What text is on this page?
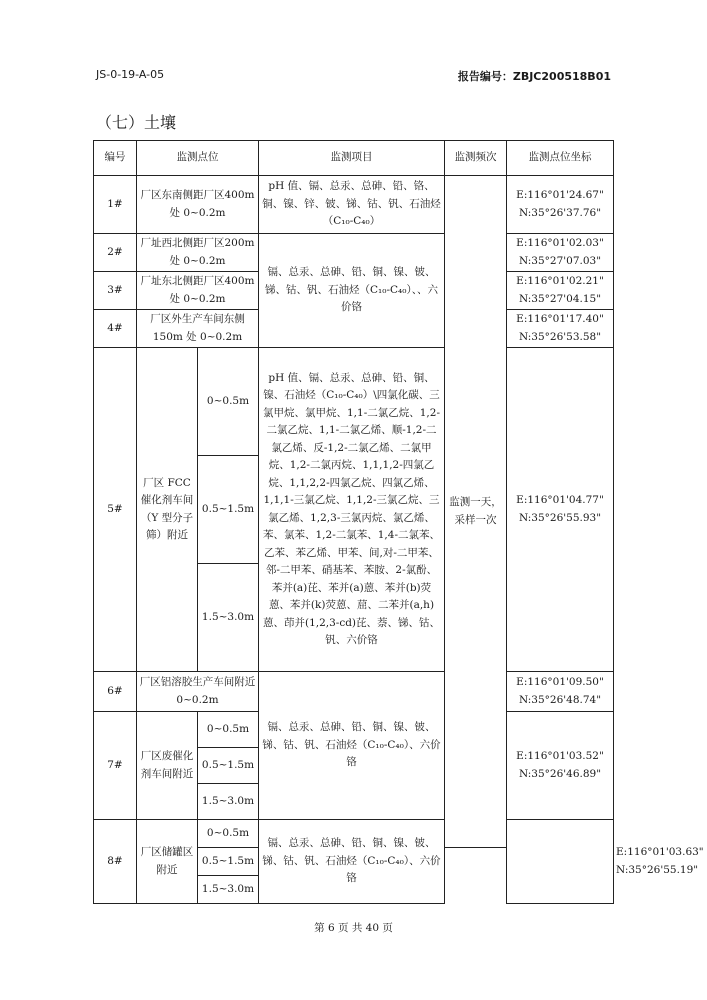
JS-0-19-A-05	报告编号：ZBJC200518B01
（七）土壤
编号	监测点位		监测项目	监测频次	监测点位坐标	
1#	厂区东南侧距厂区400m 处 0~0.2m		pH 值、镉、总汞、总砷、铅、铬、铜、镍、锌、铍、锑、钴、钒、石油烃（C₁₀-C₄₀）	监测一天，采样一次	E:116°01'24.67"
N:35°26'37.76"	
2#	厂址西北侧距厂区200m 处 0~0.2m		镉、总汞、总砷、铅、铜、镍、铍、锑、钴、钒、石油烃（C₁₀-C₄₀）、、六价铬		E:116°01'02.03"
N:35°27'07.03"	
3#	厂址东北侧距厂区400m 处 0~0.2m				E:116°01'02.21"
N:35°27'04.15"	
4#	厂区外生产车间东侧150m 处 0~0.2m				E:116°01'17.40"
N:35°26'53.58"	
5#	厂区 FCC 催化剂车间（Y 型分子筛）附近	0~0.5m	pH 值、镉、总汞、总砷、铅、铜、镍、石油烃（C₁₀-C₄₀）\四氯化碳、三氯甲烷、氯甲烷、1,1-二氯乙烷、1,2-二氯乙烷、1,1-二氯乙烯、顺-1,2-二氯乙烯、反-1,2-二氯乙烯、二氯甲烷、1,2-二氯丙烷、1,1,1,2-四氯乙烷、1,1,2,2-四氯乙烷、四氯乙烯、1,1,1-三氯乙烷、1,1,2-三氯乙烷、三氯乙烯、1,2,3-三氯丙烷、氯乙烯、苯、氯苯、1,2-二氯苯、1,4-二氯苯、乙苯、苯乙烯、甲苯、间,对-二甲苯、邻-二甲苯、硝基苯、苯胺、2-氯酚、苯并(a)芘、苯并(a)蒽、苯并(b)荧蒽、苯并(k)荧蒽、䓛、二苯并(a,h)蒽、茚并(1,2,3-cd)芘、萘、锑、钴、钒、六价铬		E:116°01'04.77"
N:35°26'55.93"	
		0.5~1.5m				
		1.5~3.0m				
6#	厂区铝溶胶生产车间附近 0~0.2m		镉、总汞、总砷、铅、铜、镍、铍、锑、钴、钒、石油烃（C₁₀-C₄₀）、六价铬		E:116°01'09.50"
N:35°26'48.74"	
7#	厂区废催化剂车间附近	0~0.5m			E:116°01'03.52"
N:35°26'46.89"	
		0.5~1.5m				
		1.5~3.0m				
8#	厂区储罐区附近	0~0.5m	镉、总汞、总砷、铅、铜、镍、铍、锑、钴、钒、石油烃（C₁₀-C₄₀）、六价铬			E:116°01'03.63"
N:35°26'55.19"
		0.5~1.5m				
		1.5~3.0m				
第 6 页 共 40 页
